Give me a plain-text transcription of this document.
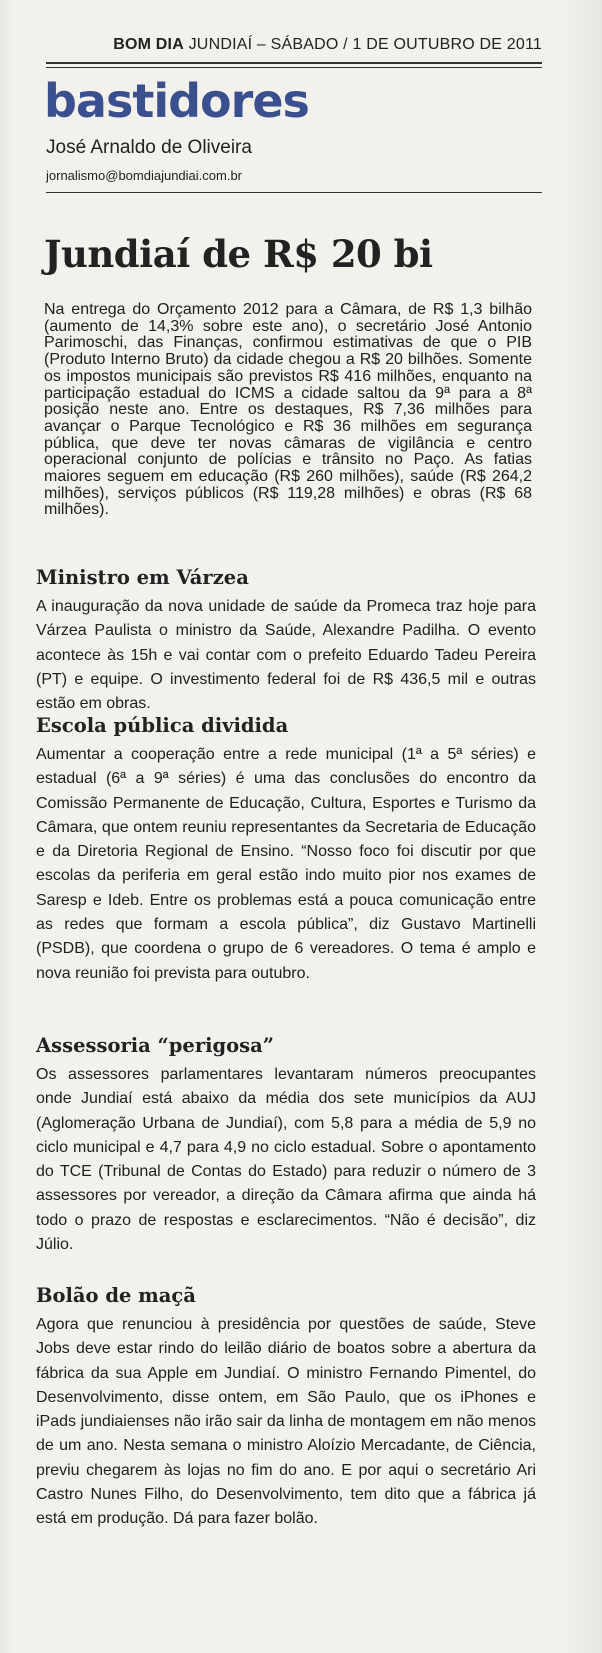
BOM DIA JUNDIAÍ – SÁBADO / 1 DE OUTUBRO DE 2011
bastidores
José Arnaldo de Oliveira
jornalismo@bomdiajundiai.com.br
Jundiaí de R$ 20 bi
Na entrega do Orçamento 2012 para a Câmara, de R$ 1,3 bilhão (aumento de 14,3% sobre este ano), o secretário José Antonio Parimoschi, das Finanças, confirmou estimativas de que o PIB (Produto Interno Bruto) da cidade chegou a R$ 20 bilhões. Somente os impostos municipais são previstos R$ 416 milhões, enquanto na participação estadual do ICMS a cidade saltou da 9ª para a 8ª posição neste ano. Entre os destaques, R$ 7,36 milhões para avançar o Parque Tecnológico e R$ 36 milhões em segurança pública, que deve ter novas câmaras de vigilância e centro operacional conjunto de polícias e trânsito no Paço. As fatias maiores seguem em educação (R$ 260 milhões), saúde (R$ 264,2 milhões), serviços públicos (R$ 119,28 milhões) e obras (R$ 68 milhões).
Ministro em Várzea
A inauguração da nova unidade de saúde da Promeca traz hoje para Várzea Paulista o ministro da Saúde, Alexandre Padilha. O evento acontece às 15h e vai contar com o prefeito Eduardo Tadeu Pereira (PT) e equipe. O investimento federal foi de R$ 436,5 mil e outras estão em obras.
Escola pública dividida
Aumentar a cooperação entre a rede municipal (1ª a 5ª séries) e estadual (6ª a 9ª séries) é uma das conclusões do encontro da Comissão Permanente de Educação, Cultura, Esportes e Turismo da Câmara, que ontem reuniu representantes da Secretaria de Educação e da Diretoria Regional de Ensino. “Nosso foco foi discutir por que escolas da periferia em geral estão indo muito pior nos exames de Saresp e Ideb. Entre os problemas está a pouca comunicação entre as redes que formam a escola pública”, diz Gustavo Martinelli (PSDB), que coordena o grupo de 6 vereadores. O tema é amplo e nova reunião foi prevista para outubro.
Assessoria “perigosa”
Os assessores parlamentares levantaram números preocupantes onde Jundiaí está abaixo da média dos sete municípios da AUJ (Aglomeração Urbana de Jundiaí), com 5,8 para a média de 5,9 no ciclo municipal e 4,7 para 4,9 no ciclo estadual. Sobre o apontamento do TCE (Tribunal de Contas do Estado) para reduzir o número de 3 assessores por vereador, a direção da Câmara afirma que ainda há todo o prazo de respostas e esclarecimentos. “Não é decisão”, diz Júlio.
Bolão de maçã
Agora que renunciou à presidência por questões de saúde, Steve Jobs deve estar rindo do leilão diário de boatos sobre a abertura da fábrica da sua Apple em Jundiaí. O ministro Fernando Pimentel, do Desenvolvimento, disse ontem, em São Paulo, que os iPhones e iPads jundiaienses não irão sair da linha de montagem em não menos de um ano. Nesta semana o ministro Aloízio Mercadante, de Ciência, previu chegarem às lojas no fim do ano. E por aqui o secretário Ari Castro Nunes Filho, do Desenvolvimento, tem dito que a fábrica já está em produção. Dá para fazer bolão.
